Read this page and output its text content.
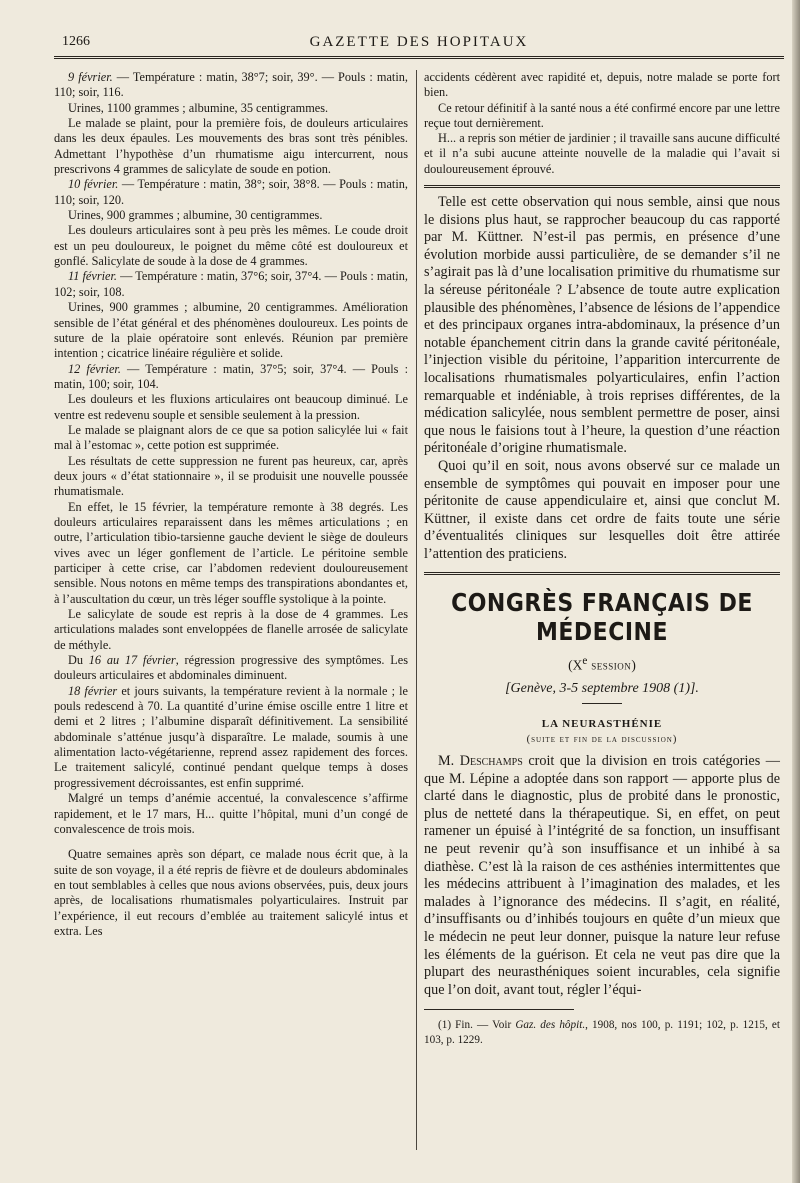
1266	GAZETTE DES HOPITAUX

9 février. — Température : matin, 38°7; soir, 39°. — Pouls : matin, 110; soir, 116.

Urines, 1100 grammes ; albumine, 35 centigrammes.

Le malade se plaint, pour la première fois, de douleurs articulaires dans les deux épaules. Les mouvements des bras sont très pénibles. Admettant l’hypothèse d’un rhumatisme aigu intercurrent, nous prescrivons 4 grammes de salicylate de soude en potion.

10 février. — Température : matin, 38°; soir, 38°8. — Pouls : matin, 110; soir, 120.

Urines, 900 grammes ; albumine, 30 centigrammes.

Les douleurs articulaires sont à peu près les mêmes. Le coude droit est un peu douloureux, le poignet du même côté est douloureux et gonflé. Salicylate de soude à la dose de 4 grammes.

11 février. — Température : matin, 37°6; soir, 37°4. — Pouls : matin, 102; soir, 108.

Urines, 900 grammes ; albumine, 20 centigrammes. Amélioration sensible de l’état général et des phénomènes douloureux. Les points de suture de la plaie opératoire sont enlevés. Réunion par première intention ; cicatrice linéaire régulière et solide.

12 février. — Température : matin, 37°5; soir, 37°4. — Pouls : matin, 100; soir, 104.

Les douleurs et les fluxions articulaires ont beaucoup diminué. Le ventre est redevenu souple et sensible seulement à la pression.

Le malade se plaignant alors de ce que sa potion salicylée lui « fait mal à l’estomac », cette potion est supprimée.

Les résultats de cette suppression ne furent pas heureux, car, après deux jours « d’état stationnaire », il se produisit une nouvelle poussée rhumatismale.

En effet, le 15 février, la température remonte à 38 degrés. Les douleurs articulaires reparaissent dans les mêmes articulations ; en outre, l’articulation tibio-tarsienne gauche devient le siège de douleurs vives avec un léger gonflement de l’article. Le péritoine semble participer à cette crise, car l’abdomen redevient douloureusement sensible. Nous notons en même temps des transpirations abondantes et, à l’auscultation du cœur, un très léger souffle systolique à la pointe.

Le salicylate de soude est repris à la dose de 4 grammes. Les articulations malades sont enveloppées de flanelle arrosée de salicylate de méthyle.

Du 16 au 17 février, régression progressive des symptômes. Les douleurs articulaires et abdominales diminuent.

18 février et jours suivants, la température revient à la normale ; le pouls redescend à 70. La quantité d’urine émise oscille entre 1 litre et demi et 2 litres ; l’albumine disparaît définitivement. La sensibilité abdominale s’atténue jusqu’à disparaître. Le malade, soumis à une alimentation lacto-végétarienne, reprend assez rapidement des forces. Le traitement salicylé, continué pendant quelque temps à doses progressivement décroissantes, est enfin supprimé.

Malgré un temps d’anémie accentué, la convalescence s’affirme rapidement, et le 17 mars, H... quitte l’hôpital, muni d’un congé de convalescence de trois mois.

Quatre semaines après son départ, ce malade nous écrit que, à la suite de son voyage, il a été repris de fièvre et de douleurs abdominales en tout semblables à celles que nous avions observées, puis, deux jours après, de localisations rhumatismales polyarticulaires. Instruit par l’expérience, il eut recours d’emblée au traitement salicylé intus et extra. Les

accidents cédèrent avec rapidité et, depuis, notre malade se porte fort bien.

Ce retour définitif à la santé nous a été confirmé encore par une lettre reçue tout dernièrement.

H... a repris son métier de jardinier ; il travaille sans aucune difficulté et il n’a subi aucune atteinte nouvelle de la maladie qui l’avait si douloureusement éprouvé.

Telle est cette observation qui nous semble, ainsi que nous le disions plus haut, se rapprocher beaucoup du cas rapporté par M. Küttner. N’est-il pas permis, en présence d’une évolution morbide aussi particulière, de se demander s’il ne s’agirait pas là d’une localisation primitive du rhumatisme sur la séreuse péritonéale ? L’absence de toute autre explication plausible des phénomènes, l’absence de lésions de l’appendice et des principaux organes intra-abdominaux, la présence d’un notable épanchement citrin dans la grande cavité péritonéale, l’injection visible du péritoine, l’apparition intercurrente de localisations rhumatismales polyarticulaires, enfin l’action remarquable et indéniable, à trois reprises différentes, de la médication salicylée, nous semblent permettre de poser, ainsi que nous le faisions tout à l’heure, la question d’une réaction péritonéale d’origine rhumatismale.

Quoi qu’il en soit, nous avons observé sur ce malade un ensemble de symptômes qui pouvait en imposer pour une péritonite de cause appendiculaire et, ainsi que conclut M. Küttner, il existe dans cet ordre de faits toute une série d’éventualités cliniques sur lesquelles doit être attirée l’attention des praticiens.

CONGRÈS FRANÇAIS DE MÉDECINE
(Xe session)
[Genève, 3-5 septembre 1908 (1)].
LA NEURASTHÉNIE
(suite et fin de la discussion)

M. Deschamps croit que la division en trois catégories — que M. Lépine a adoptée dans son rapport — apporte plus de clarté dans le diagnostic, plus de probité dans le pronostic, plus de netteté dans la thérapeutique. Si, en effet, on peut ramener un épuisé à l’intégrité de sa fonction, un insuffisant ne peut revenir qu’à son insuffisance et un inhibé à sa diathèse. C’est là la raison de ces asthénies intermittentes que les médecins attribuent à l’imagination des malades, et les malades à l’ignorance des médecins. Il s’agit, en réalité, d’insuffisants ou d’inhibés toujours en quête d’un mieux que le médecin ne peut leur donner, puisque la nature leur refuse les éléments de la guérison. Et cela ne veut pas dire que la plupart des neurasthéniques soient incurables, cela signifie que l’on doit, avant tout, régler l’équi-

(1) Fin. — Voir Gaz. des hôpit., 1908, nos 100, p. 1191; 102, p. 1215, et 103, p. 1229.
